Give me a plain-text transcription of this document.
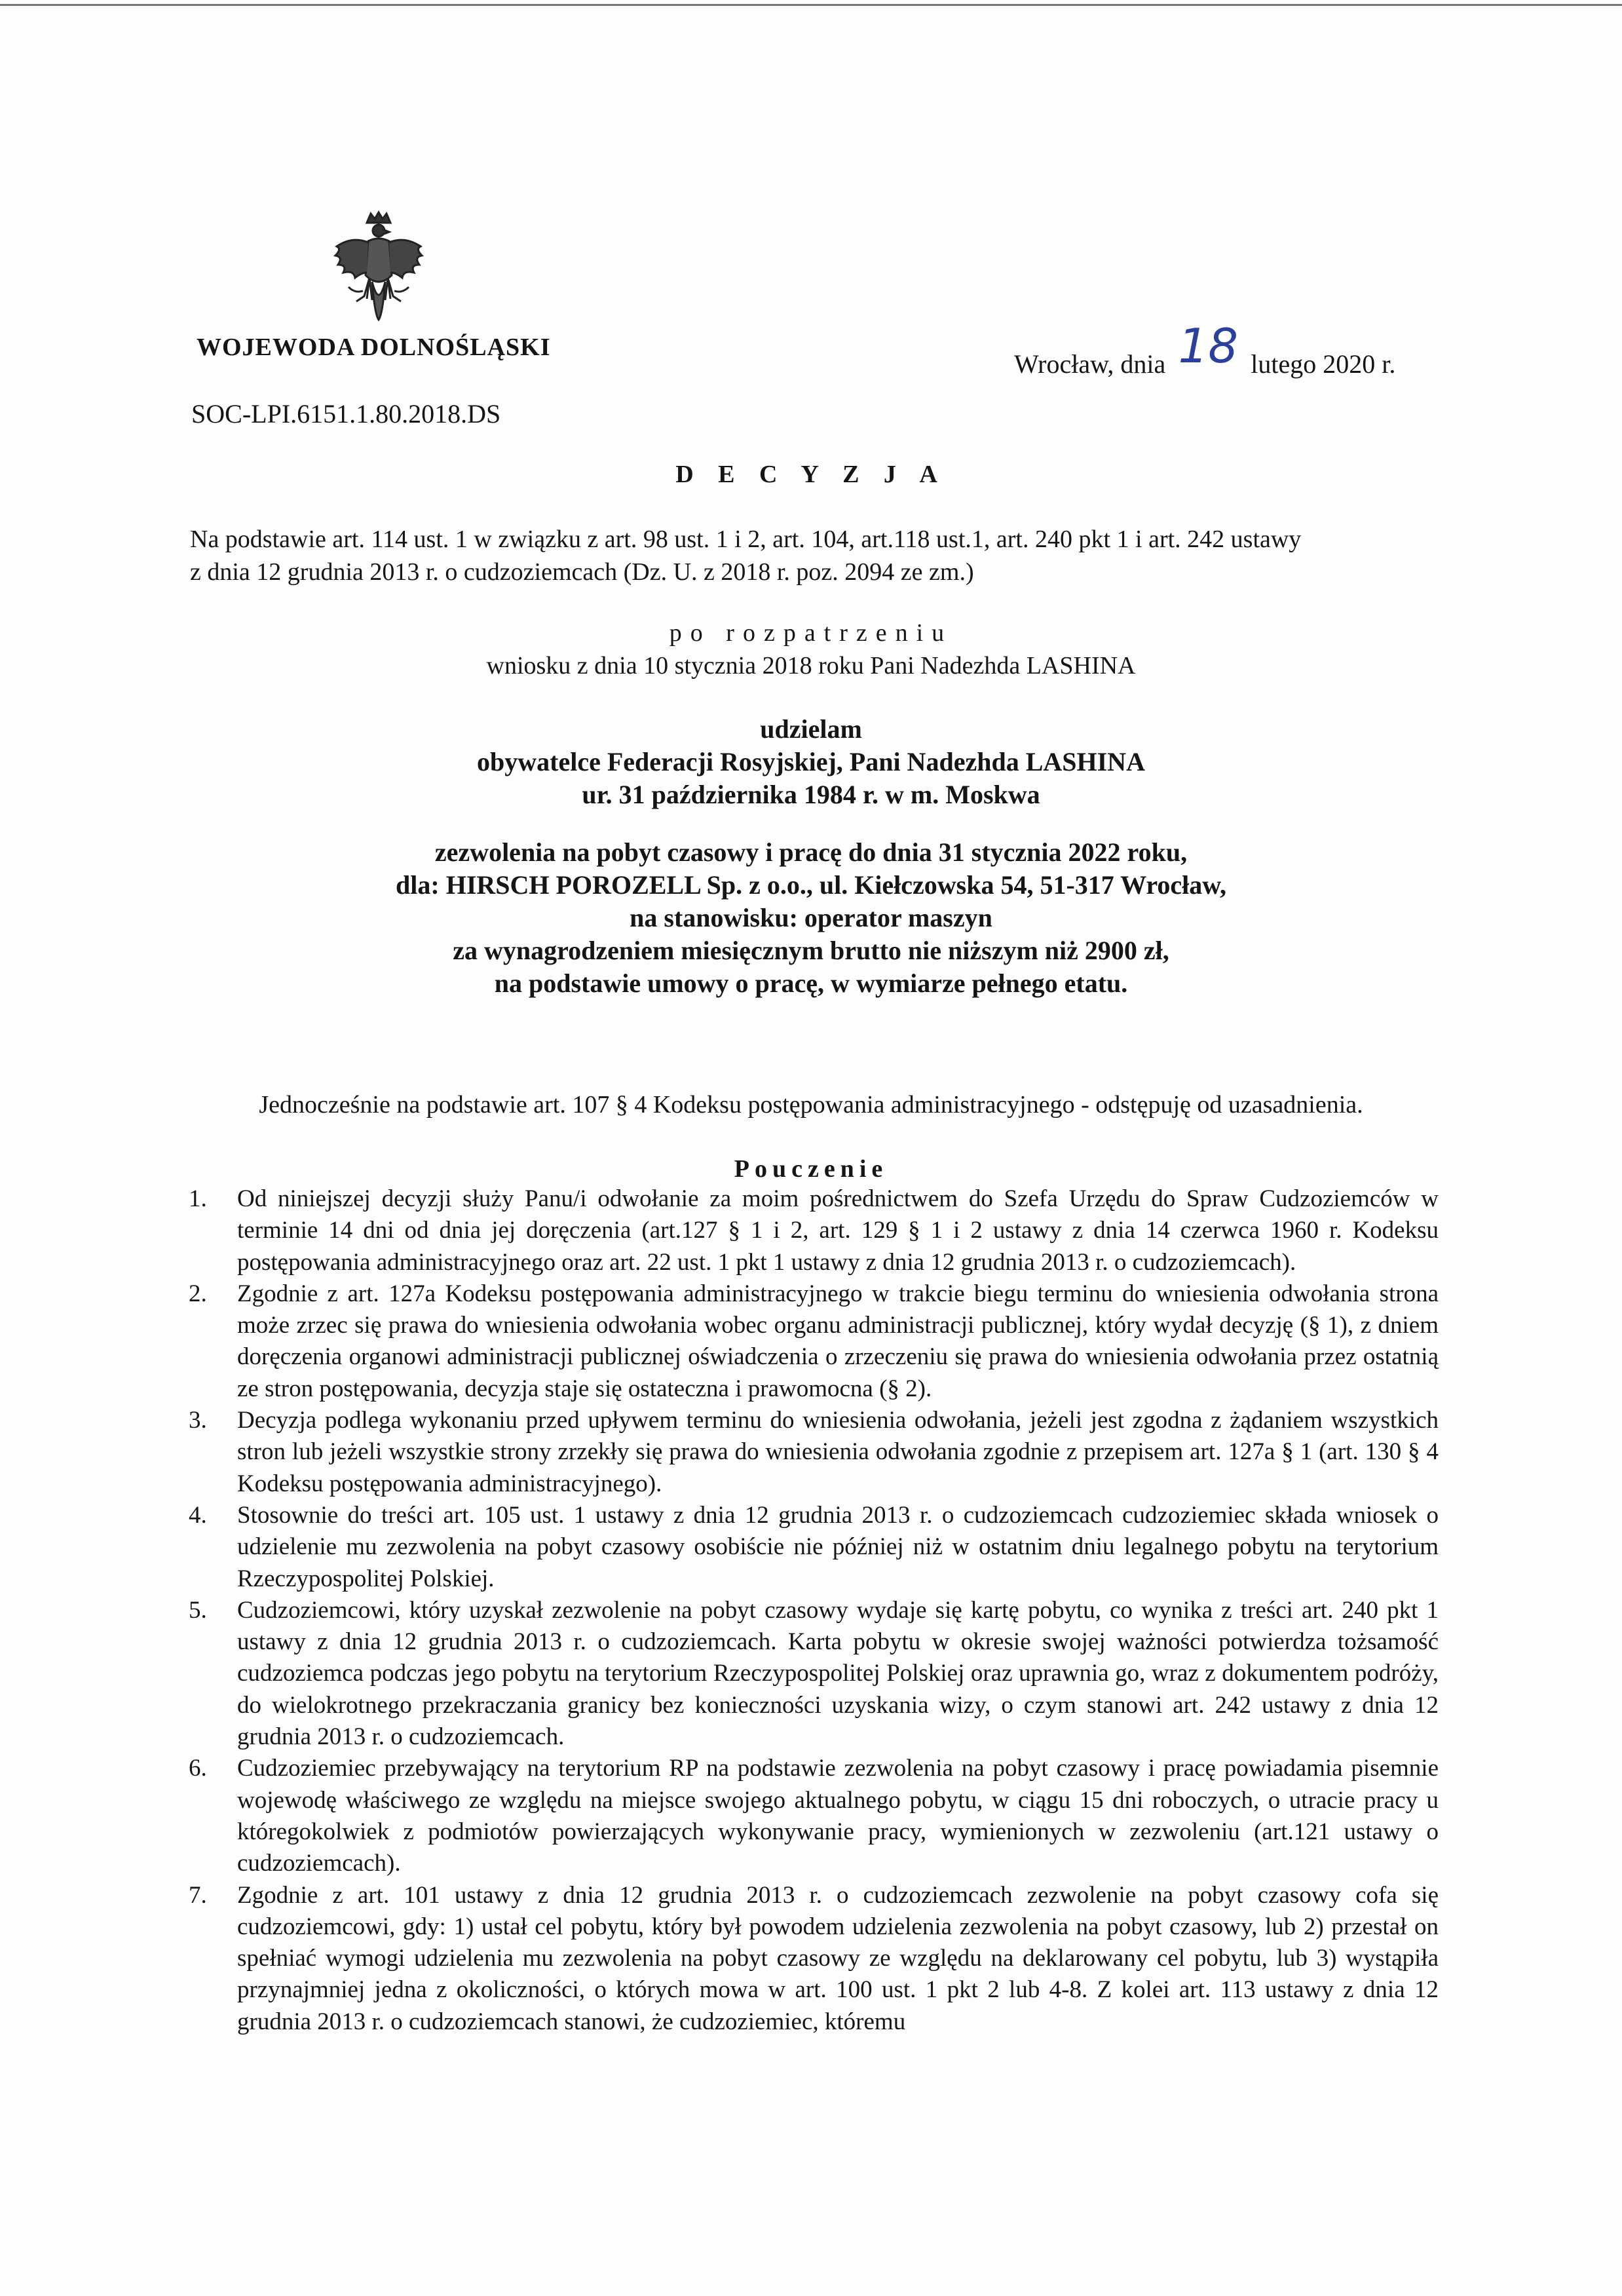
WOJEWODA DOLNOŚLĄSKI
Wrocław, dnia 18 lutego 2020 r.
SOC-LPI.6151.1.80.2018.DS
D E C Y Z J A

Na podstawie art. 114 ust. 1 w związku z art. 98 ust. 1 i 2, art. 104, art.118 ust.1, art. 240 pkt 1 i art. 242 ustawy

z dnia 12 grudnia 2013 r. o cudzoziemcach (Dz. U. z 2018 r. poz. 2094 ze zm.)

po rozpatrzeniu
wniosku z dnia 10 stycznia 2018 roku Pani Nadezhda LASHINA
udzielam
obywatelce Federacji Rosyjskiej, Pani Nadezhda LASHINA
ur. 31 października 1984 r. w m. Moskwa
zezwolenia na pobyt czasowy i pracę do dnia 31 stycznia 2022 roku,
dla: HIRSCH POROZELL Sp. z o.o., ul. Kiełczowska 54, 51-317 Wrocław,
na stanowisku: operator maszyn
za wynagrodzeniem miesięcznym brutto nie niższym niż 2900 zł,
na podstawie umowy o pracę, w wymiarze pełnego etatu.
Jednocześnie na podstawie art. 107 § 4 Kodeksu postępowania administracyjnego - odstępuję od uzasadnienia.
Pouczenie
1. Od niniejszej decyzji służy Panu/i odwołanie za moim pośrednictwem do Szefa Urzędu do Spraw Cudzoziemców w terminie 14 dni od dnia jej doręczenia (art.127 § 1 i 2, art. 129 § 1 i 2 ustawy z dnia 14 czerwca 1960 r. Kodeksu postępowania administracyjnego oraz art. 22 ust. 1 pkt 1 ustawy z dnia 12 grudnia 2013 r. o cudzoziemcach).
2. Zgodnie z art. 127a Kodeksu postępowania administracyjnego w trakcie biegu terminu do wniesienia odwołania strona może zrzec się prawa do wniesienia odwołania wobec organu administracji publicznej, który wydał decyzję (§ 1), z dniem doręczenia organowi administracji publicznej oświadczenia o zrzeczeniu się prawa do wniesienia odwołania przez ostatnią ze stron postępowania, decyzja staje się ostateczna i prawomocna (§ 2).
3. Decyzja podlega wykonaniu przed upływem terminu do wniesienia odwołania, jeżeli jest zgodna z żądaniem wszystkich stron lub jeżeli wszystkie strony zrzekły się prawa do wniesienia odwołania zgodnie z przepisem art. 127a § 1 (art. 130 § 4 Kodeksu postępowania administracyjnego).
4. Stosownie do treści art. 105 ust. 1 ustawy z dnia 12 grudnia 2013 r. o cudzoziemcach cudzoziemiec składa wniosek o udzielenie mu zezwolenia na pobyt czasowy osobiście nie później niż w ostatnim dniu legalnego pobytu na terytorium Rzeczypospolitej Polskiej.
5. Cudzoziemcowi, który uzyskał zezwolenie na pobyt czasowy wydaje się kartę pobytu, co wynika z treści art. 240 pkt 1 ustawy z dnia 12 grudnia 2013 r. o cudzoziemcach. Karta pobytu w okresie swojej ważności potwierdza tożsamość cudzoziemca podczas jego pobytu na terytorium Rzeczypospolitej Polskiej oraz uprawnia go, wraz z dokumentem podróży, do wielokrotnego przekraczania granicy bez konieczności uzyskania wizy, o czym stanowi art. 242 ustawy z dnia 12 grudnia 2013 r. o cudzoziemcach.
6. Cudzoziemiec przebywający na terytorium RP na podstawie zezwolenia na pobyt czasowy i pracę powiadamia pisemnie wojewodę właściwego ze względu na miejsce swojego aktualnego pobytu, w ciągu 15 dni roboczych, o utracie pracy u któregokolwiek z podmiotów powierzających wykonywanie pracy, wymienionych w zezwoleniu (art.121 ustawy o cudzoziemcach).
7. Zgodnie z art. 101 ustawy z dnia 12 grudnia 2013 r. o cudzoziemcach zezwolenie na pobyt czasowy cofa się cudzoziemcowi, gdy: 1) ustał cel pobytu, który był powodem udzielenia zezwolenia na pobyt czasowy, lub 2) przestał on spełniać wymogi udzielenia mu zezwolenia na pobyt czasowy ze względu na deklarowany cel pobytu, lub 3) wystąpiła przynajmniej jedna z okoliczności, o których mowa w art. 100 ust. 1 pkt 2 lub 4-8. Z kolei art. 113 ustawy z dnia 12 grudnia 2013 r. o cudzoziemcach stanowi, że cudzoziemiec, któremu
